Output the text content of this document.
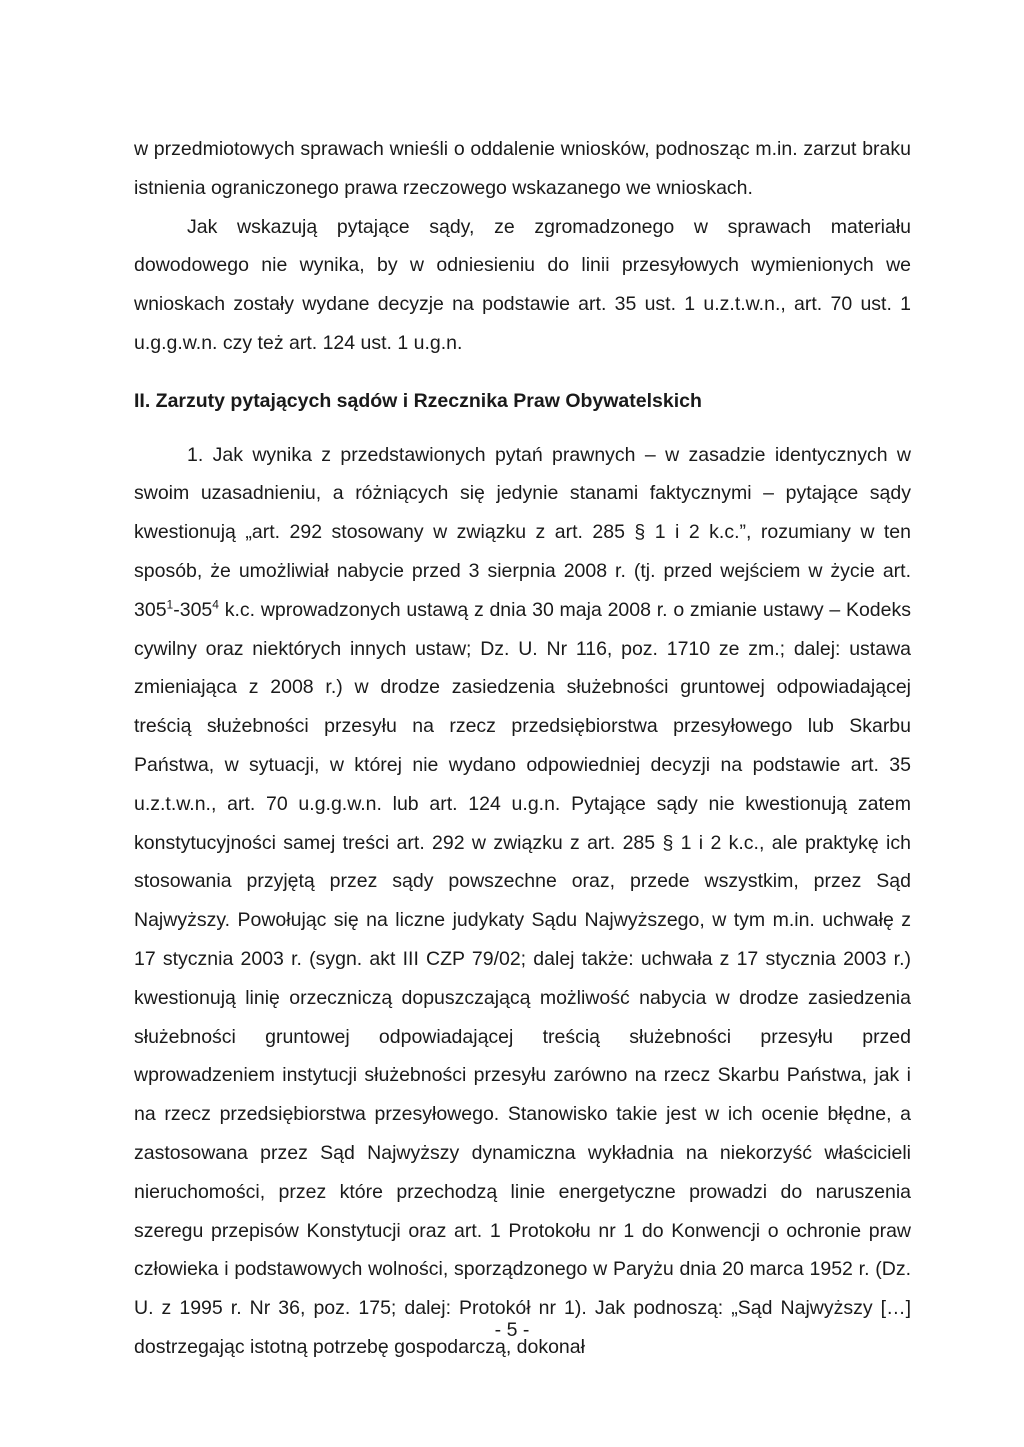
w przedmiotowych sprawach wnieśli o oddalenie wniosków, podnosząc m.in. zarzut braku istnienia ograniczonego prawa rzeczowego wskazanego we wnioskach.

Jak wskazują pytające sądy, ze zgromadzonego w sprawach materiału dowodowego nie wynika, by w odniesieniu do linii przesyłowych wymienionych we wnioskach zostały wydane decyzje na podstawie art. 35 ust. 1 u.z.t.w.n., art. 70 ust. 1 u.g.g.w.n. czy też art. 124 ust. 1 u.g.n.

II. Zarzuty pytających sądów i Rzecznika Praw Obywatelskich

1. Jak wynika z przedstawionych pytań prawnych – w zasadzie identycznych w swoim uzasadnieniu, a różniących się jedynie stanami faktycznymi – pytające sądy kwestionują „art. 292 stosowany w związku z art. 285 § 1 i 2 k.c.”, rozumiany w ten sposób, że umożliwiał nabycie przed 3 sierpnia 2008 r. (tj. przed wejściem w życie art. $305^1-305^4$ k.c. wprowadzonych ustawą z dnia 30 maja 2008 r. o zmianie ustawy – Kodeks cywilny oraz niektórych innych ustaw; Dz. U. Nr 116, poz. 1710 ze zm.; dalej: ustawa zmieniająca z 2008 r.) w drodze zasiedzenia służebności gruntowej odpowiadającej treścią służebności przesyłu na rzecz przedsiębiorstwa przesyłowego lub Skarbu Państwa, w sytuacji, w której nie wydano odpowiedniej decyzji na podstawie art. 35 u.z.t.w.n., art. 70 u.g.g.w.n. lub art. 124 u.g.n. Pytające sądy nie kwestionują zatem konstytucyjności samej treści art. 292 w związku z art. 285 § 1 i 2 k.c., ale praktykę ich stosowania przyjętą przez sądy powszechne oraz, przede wszystkim, przez Sąd Najwyższy. Powołując się na liczne judykaty Sądu Najwyższego, w tym m.in. uchwałę z 17 stycznia 2003 r. (sygn. akt III CZP 79/02; dalej także: uchwała z 17 stycznia 2003 r.) kwestionują linię orzeczniczą dopuszczającą możliwość nabycia w drodze zasiedzenia służebności gruntowej odpowiadającej treścią służebności przesyłu przed wprowadzeniem instytucji służebności przesyłu zarówno na rzecz Skarbu Państwa, jak i na rzecz przedsiębiorstwa przesyłowego. Stanowisko takie jest w ich ocenie błędne, a zastosowana przez Sąd Najwyższy dynamiczna wykładnia na niekorzyść właścicieli nieruchomości, przez które przechodzą linie energetyczne prowadzi do naruszenia szeregu przepisów Konstytucji oraz art. 1 Protokołu nr 1 do Konwencji o ochronie praw człowieka i podstawowych wolności, sporządzonego w Paryżu dnia 20 marca 1952 r. (Dz. U. z 1995 r. Nr 36, poz. 175; dalej: Protokół nr 1). Jak podnoszą: „Sąd Najwyższy […] dostrzegając istotną potrzebę gospodarczą, dokonał

- 5 -
